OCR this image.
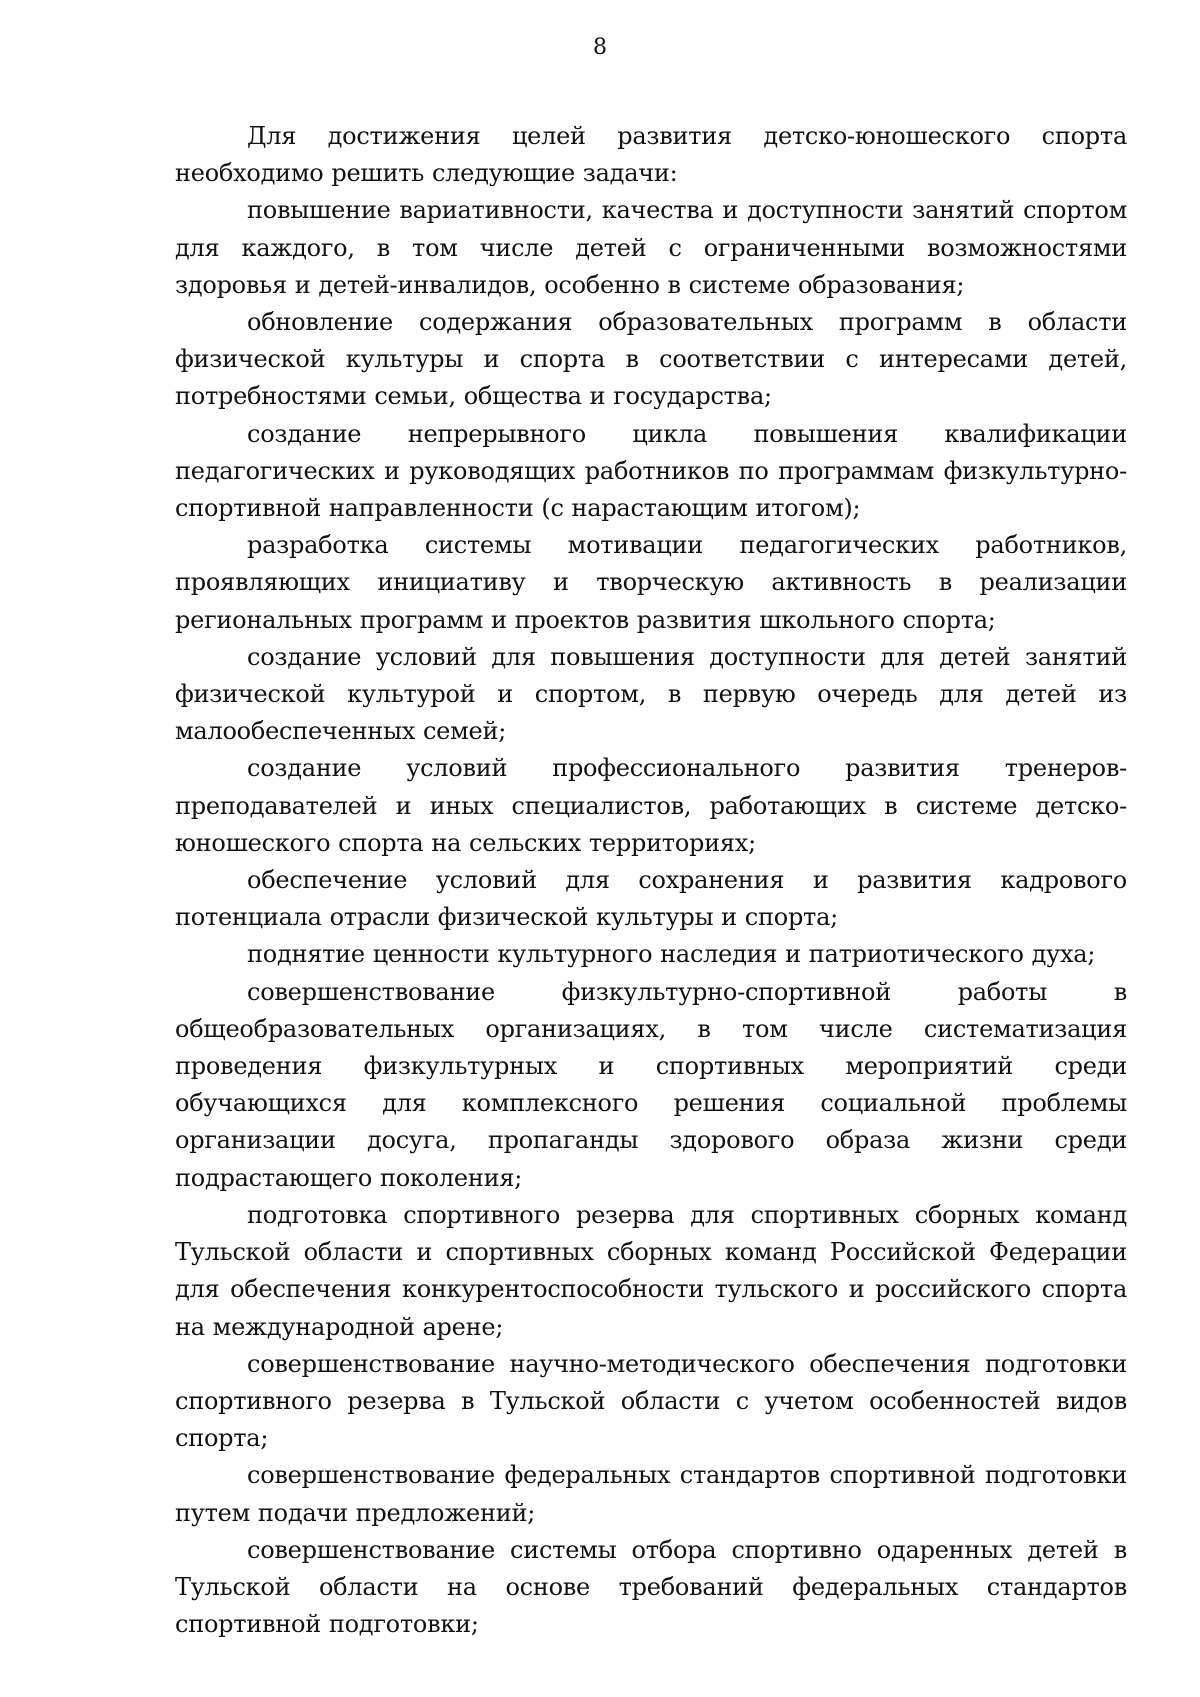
8

Для достижения целей развития детско-юношеского спорта необходимо решить следующие задачи:

повышение вариативности, качества и доступности занятий спортом для каждого, в том числе детей с ограниченными возможностями здоровья и детей-инвалидов, особенно в системе образования;

обновление содержания образовательных программ в области физической культуры и спорта в соответствии с интересами детей, потребностями семьи, общества и государства;

создание непрерывного цикла повышения квалификации педагогических и руководящих работников по программам физкультурно-спортивной направленности (с нарастающим итогом);

разработка системы мотивации педагогических работников, проявляющих инициативу и творческую активность в реализации региональных программ и проектов развития школьного спорта;

создание условий для повышения доступности для детей занятий физической культурой и спортом, в первую очередь для детей из малообеспеченных семей;

создание условий профессионального развития тренеров-преподавателей и иных специалистов, работающих в системе детско-юношеского спорта на сельских территориях;

обеспечение условий для сохранения и развития кадрового потенциала отрасли физической культуры и спорта;

поднятие ценности культурного наследия и патриотического духа;

совершенствование физкультурно-спортивной работы в общеобразовательных организациях, в том числе систематизация проведения физкультурных и спортивных мероприятий среди обучающихся для комплексного решения социальной проблемы организации досуга, пропаганды здорового образа жизни среди подрастающего поколения;

подготовка спортивного резерва для спортивных сборных команд Тульской области и спортивных сборных команд Российской Федерации для обеспечения конкурентоспособности тульского и российского спорта на международной арене;

совершенствование научно-методического обеспечения подготовки спортивного резерва в Тульской области с учетом особенностей видов спорта;

совершенствование федеральных стандартов спортивной подготовки путем подачи предложений;

совершенствование системы отбора спортивно одаренных детей в Тульской области на основе требований федеральных стандартов спортивной подготовки;
